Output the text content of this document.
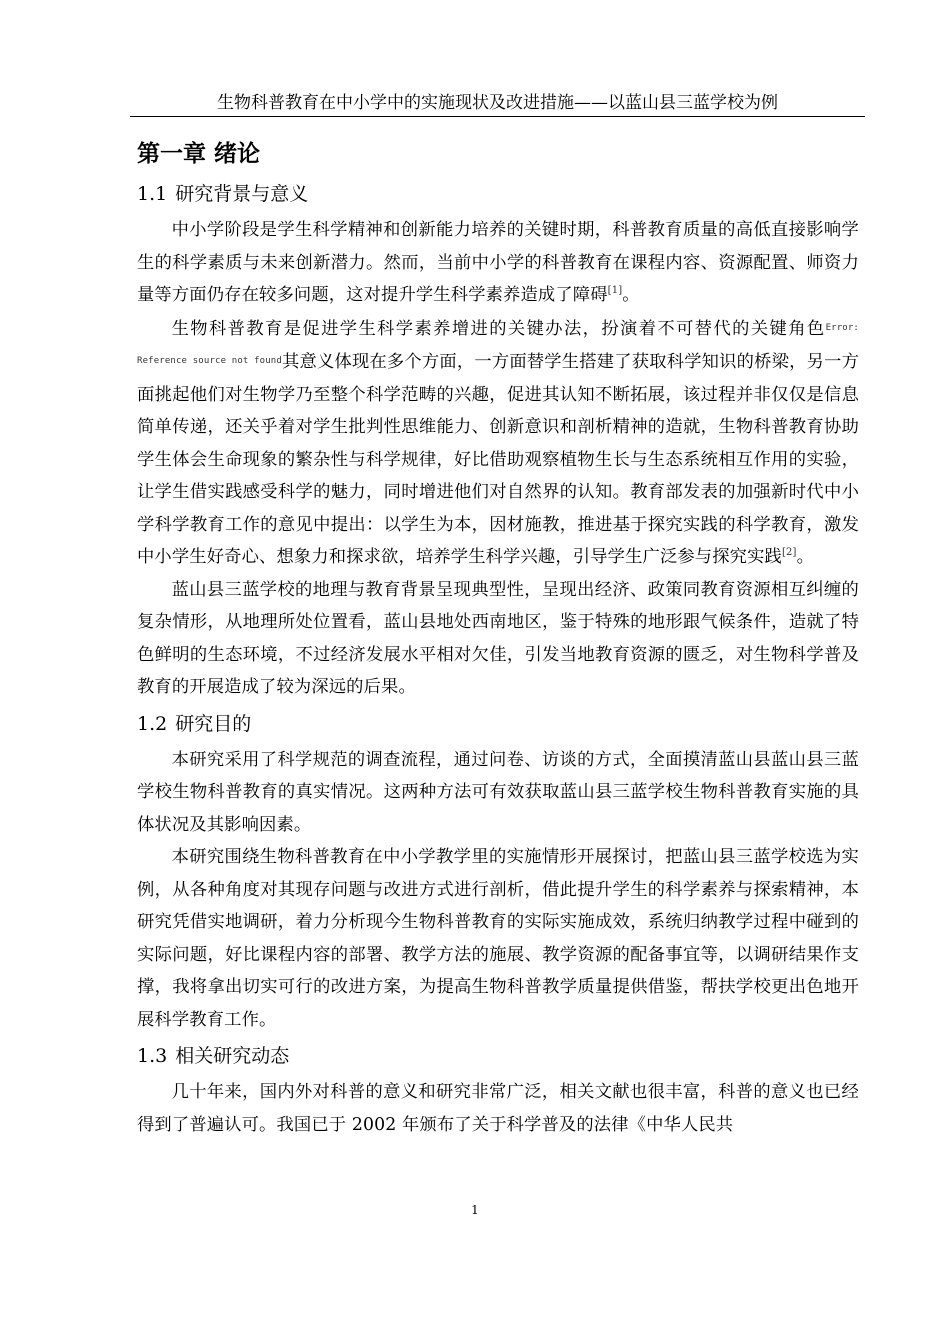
生物科普教育在中小学中的实施现状及改进措施——以蓝山县三蓝学校为例
第一章 绪论
1.1 研究背景与意义

中小学阶段是学生科学精神和创新能力培养的关键时期，科普教育质量的高低直接影响学生的科学素质与未来创新潜力。然而，当前中小学的科普教育在课程内容、资源配置、师资力量等方面仍存在较多问题，这对提升学生科学素养造成了障碍[1]。

生物科普教育是促进学生科学素养增进的关键办法，扮演着不可替代的关键角色$^{Error: Reference source not found}$其意义体现在多个方面，一方面替学生搭建了获取科学知识的桥梁，另一方面挑起他们对生物学乃至整个科学范畴的兴趣，促进其认知不断拓展，该过程并非仅仅是信息简单传递，还关乎着对学生批判性思维能力、创新意识和剖析精神的造就，生物科普教育协助学生体会生命现象的繁杂性与科学规律，好比借助观察植物生长与生态系统相互作用的实验，让学生借实践感受科学的魅力，同时增进他们对自然界的认知。教育部发表的加强新时代中小学科学教育工作的意见中提出：以学生为本，因材施教，推进基于探究实践的科学教育，激发中小学生好奇心、想象力和探求欲，培养学生科学兴趣，引导学生广泛参与探究实践[2]。

蓝山县三蓝学校的地理与教育背景呈现典型性，呈现出经济、政策同教育资源相互纠缠的复杂情形，从地理所处位置看，蓝山县地处西南地区，鉴于特殊的地形跟气候条件，造就了特色鲜明的生态环境，不过经济发展水平相对欠佳，引发当地教育资源的匮乏，对生物科学普及教育的开展造成了较为深远的后果。

1.2 研究目的

本研究采用了科学规范的调查流程，通过问卷、访谈的方式，全面摸清蓝山县蓝山县三蓝学校生物科普教育的真实情况。这两种方法可有效获取蓝山县三蓝学校生物科普教育实施的具体状况及其影响因素。

本研究围绕生物科普教育在中小学教学里的实施情形开展探讨，把蓝山县三蓝学校选为实例，从各种角度对其现存问题与改进方式进行剖析，借此提升学生的科学素养与探索精神，本研究凭借实地调研，着力分析现今生物科普教育的实际实施成效，系统归纳教学过程中碰到的实际问题，好比课程内容的部署、教学方法的施展、教学资源的配备事宜等，以调研结果作支撑，我将拿出切实可行的改进方案，为提高生物科普教学质量提供借鉴，帮扶学校更出色地开展科学教育工作。

1.3 相关研究动态

几十年来，国内外对科普的意义和研究非常广泛，相关文献也很丰富，科普的意义也已经得到了普遍认可。我国已于 2002 年颁布了关于科学普及的法律《中华人民共

1
